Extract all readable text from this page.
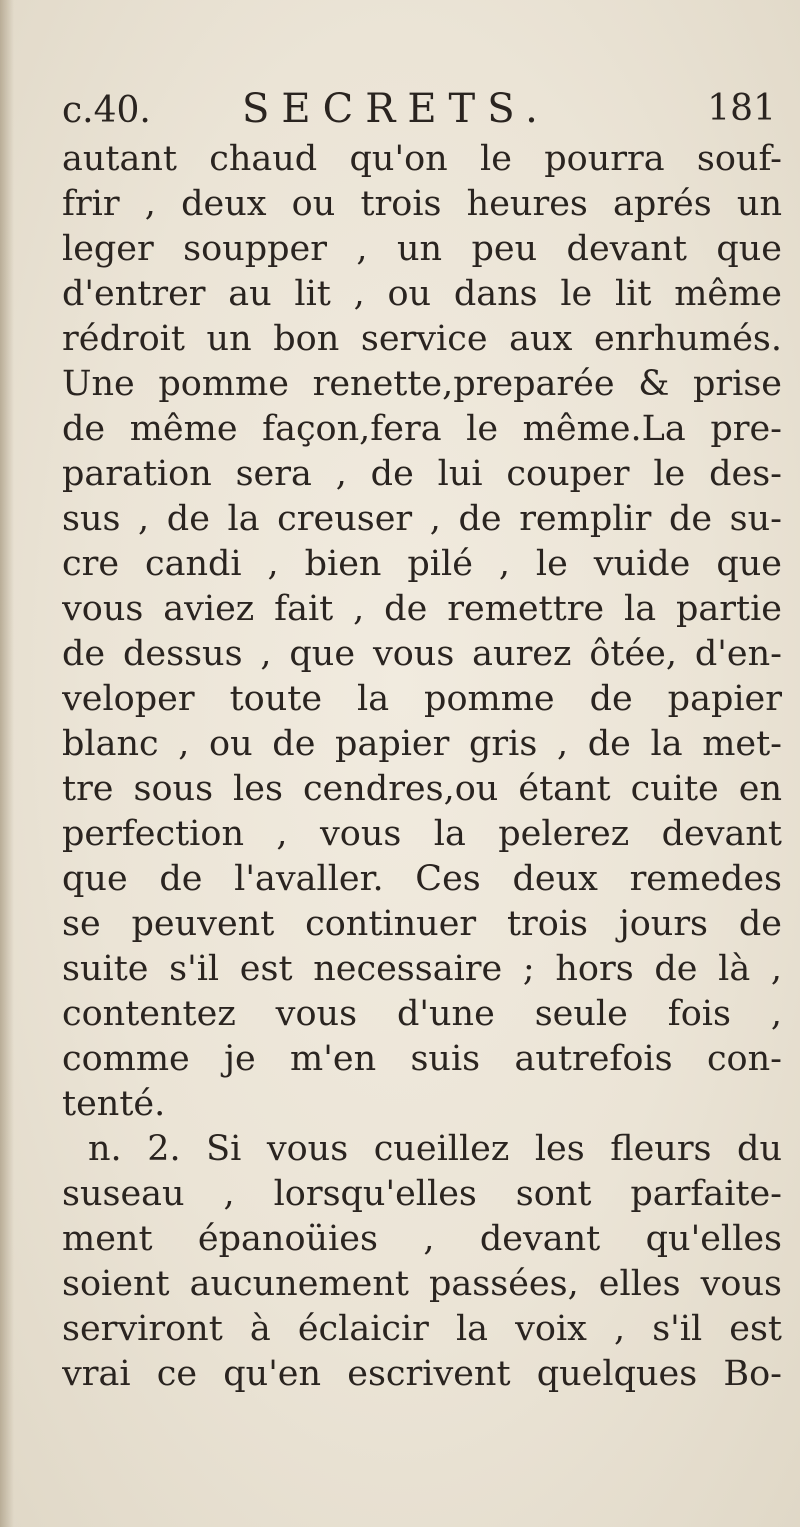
c.40. SECRETS.	181
autant chaud qu'on le pourra souf-
frir , deux ou trois heures aprés un
leger soupper , un peu devant que
d'entrer au lit , ou dans le lit même
rédroit un bon service aux enrhumés.
Une pomme renette,preparée & prise
de même façon,fera le même.La pre-
paration sera , de lui couper le des-
sus , de la creuser , de remplir de su-
cre candi , bien pilé , le vuide que
vous aviez fait , de remettre la partie
de dessus , que vous aurez ôtée, d'en-
veloper toute la pomme de papier
blanc , ou de papier gris , de la met-
tre sous les cendres,ou étant cuite en
perfection , vous la pelerez devant
que de l'avaller. Ces deux remedes
se peuvent continuer trois jours de
suite s'il est necessaire ; hors de là ,
contentez vous d'une seule fois ,
comme je m'en suis autrefois con-
tenté.
n. 2. Si vous cueillez les fleurs du
suseau , lorsqu'elles sont parfaite-
ment épanoüies , devant qu'elles
soient aucunement passées, elles vous
serviront à éclaicir la voix , s'il est
vrai ce qu'en escrivent quelques Bo-
